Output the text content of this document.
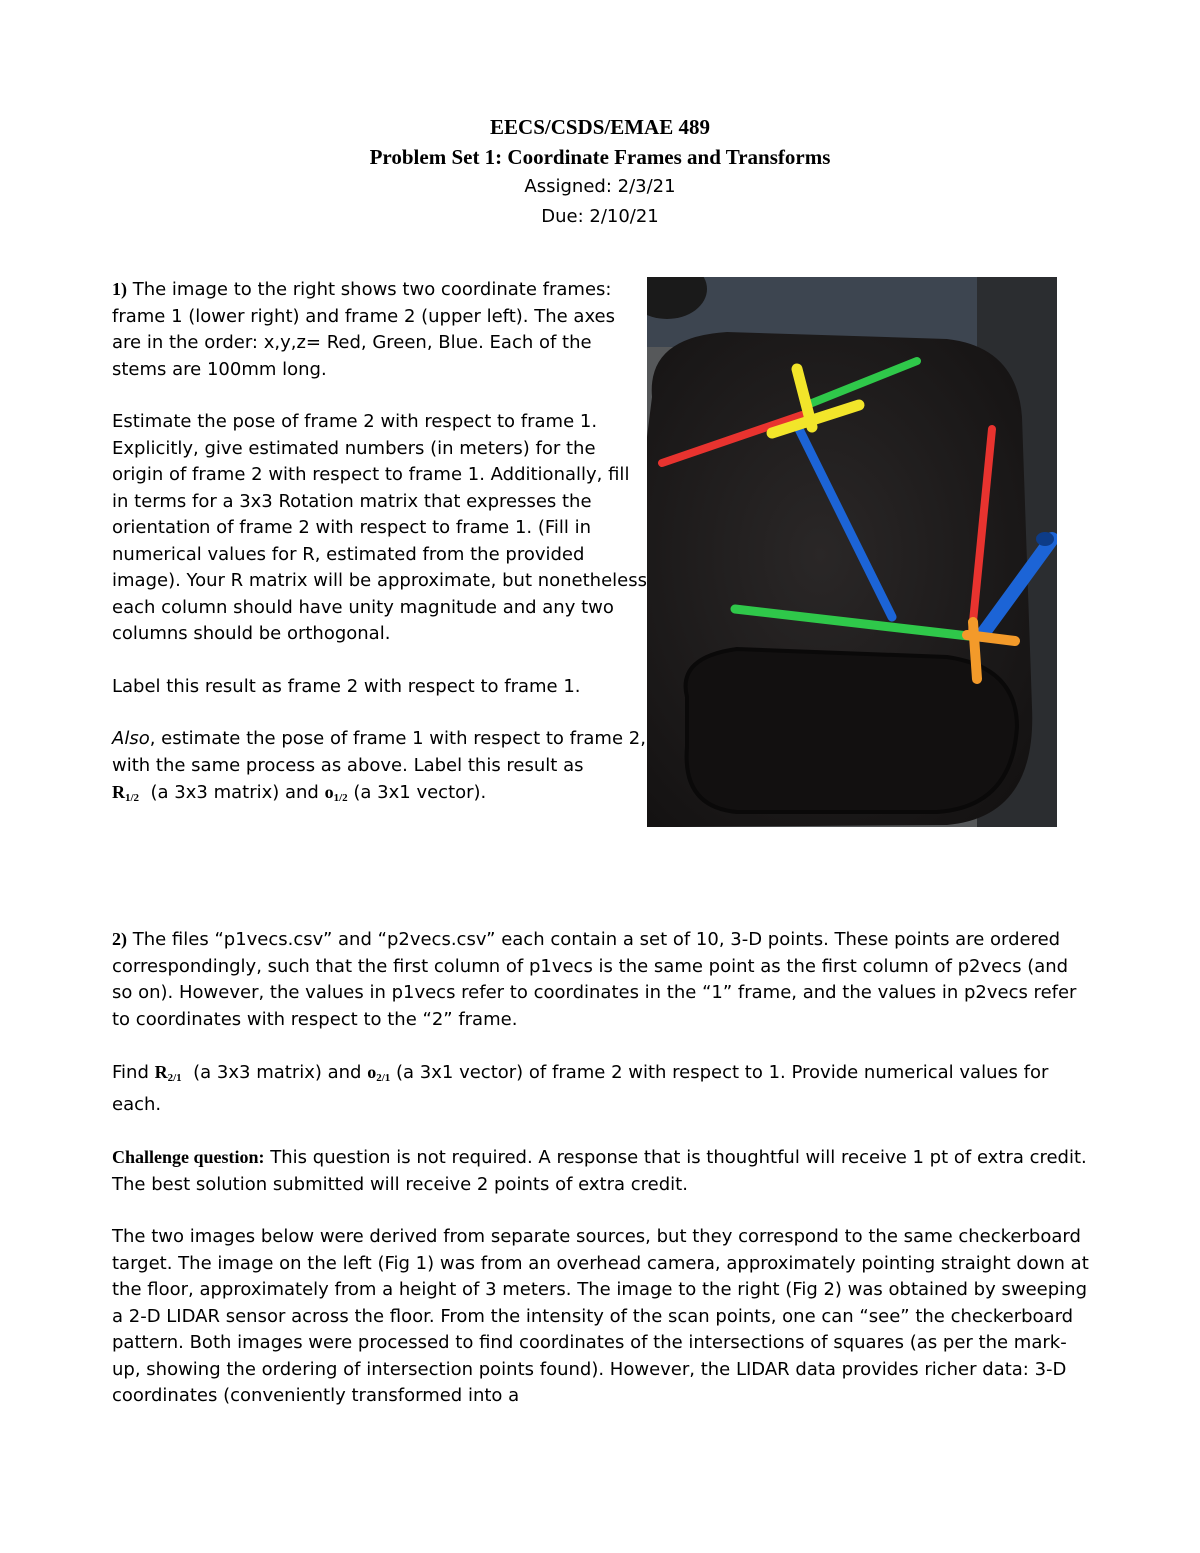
EECS/CSDS/EMAE 489
Problem Set 1: Coordinate Frames and Transforms
Assigned: 2/3/21
Due: 2/10/21

1) The image to the right shows two coordinate frames: frame 1 (lower right) and frame 2 (upper left). The axes are in the order: x,y,z= Red, Green, Blue. Each of the stems are 100mm long.

Estimate the pose of frame 2 with respect to frame 1. Explicitly, give estimated numbers (in meters) for the origin of frame 2 with respect to frame 1. Additionally, fill in terms for a 3x3 Rotation matrix that expresses the orientation of frame 2 with respect to frame 1. (Fill in numerical values for R, estimated from the provided image). Your R matrix will be approximate, but nonetheless each column should have unity magnitude and any two columns should be orthogonal.

Label this result as frame 2 with respect to frame 1.

Also, estimate the pose of frame 1 with respect to frame 2, with the same process as above. Label this result as
$R_{1/2}$ (a 3x3 matrix) and $o_{1/2}$ (a 3x1 vector).

2) The files “p1vecs.csv” and “p2vecs.csv” each contain a set of 10, 3-D points. These points are ordered correspondingly, such that the first column of p1vecs is the same point as the first column of p2vecs (and so on). However, the values in p1vecs refer to coordinates in the “1” frame, and the values in p2vecs refer to coordinates with respect to the “2” frame.

Find $R_{2/1}$ (a 3x3 matrix) and $o_{2/1}$ (a 3x1 vector) of frame 2 with respect to 1. Provide numerical values for each.

Challenge question: This question is not required. A response that is thoughtful will receive 1 pt of extra credit. The best solution submitted will receive 2 points of extra credit.

The two images below were derived from separate sources, but they correspond to the same checkerboard target. The image on the left (Fig 1) was from an overhead camera, approximately pointing straight down at the floor, approximately from a height of 3 meters. The image to the right (Fig 2) was obtained by sweeping a 2-D LIDAR sensor across the floor. From the intensity of the scan points, one can “see” the checkerboard pattern. Both images were processed to find coordinates of the intersections of squares (as per the mark-up, showing the ordering of intersection points found). However, the LIDAR data provides richer data: 3-D coordinates (conveniently transformed into a
